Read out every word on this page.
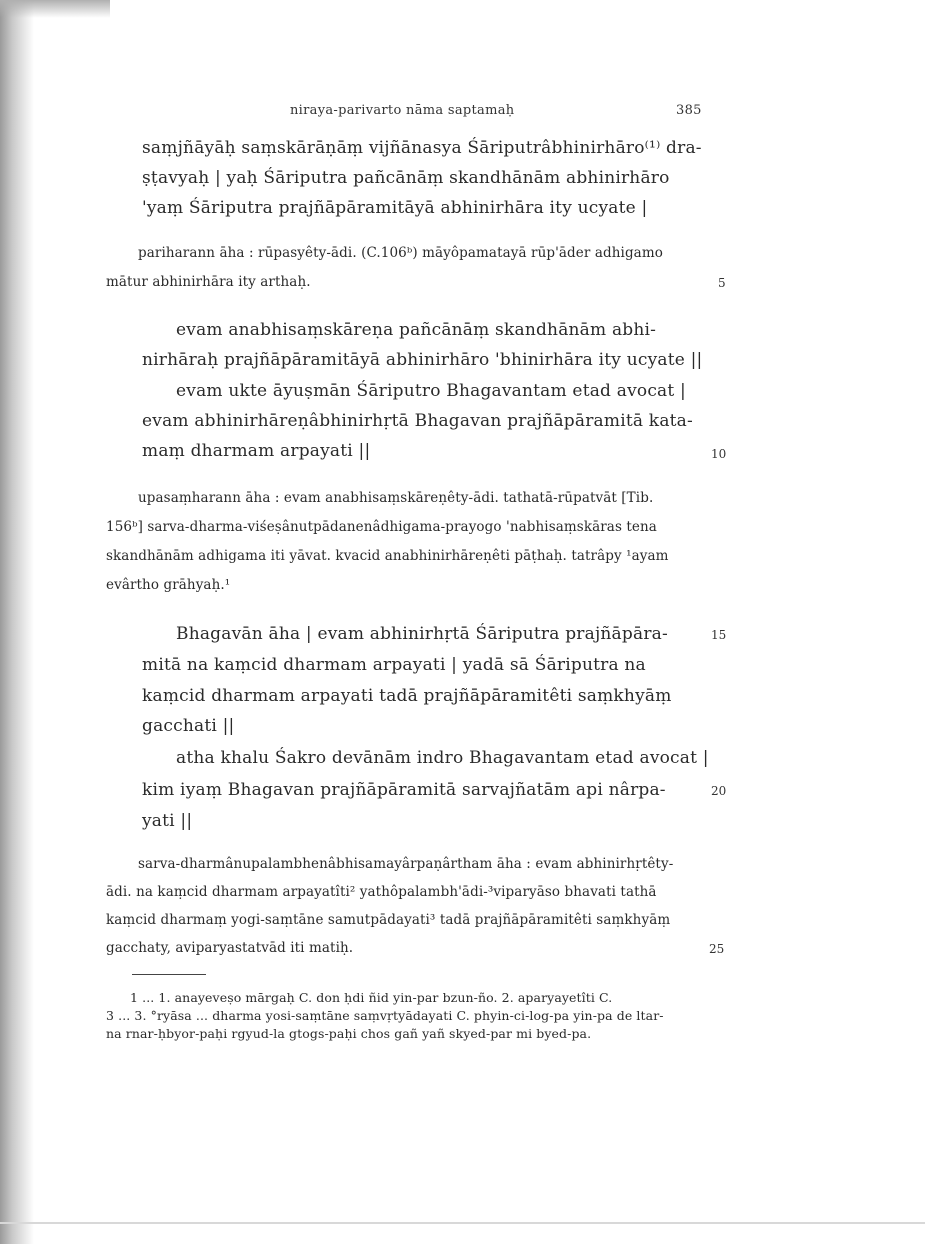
niraya-parivarto nāma saptamaḥ	385
saṃjñāyāḥ saṃskārāṇāṃ vijñānasya Śāriputrâbhinirhāro⁽¹⁾ dra-
ṣṭavyaḥ | yaḥ Śāriputra pañcānāṃ skandhānām abhinirhāro
'yaṃ Śāriputra prajñāpāramitāyā abhinirhāra ity ucyate |
pariharann āha : rūpasyêty-ādi. (C.106ᵇ) māyôpamatayā rūp'āder adhigamo
mātur abhinirhāra ity arthaḥ.	5
evam anabhisaṃskāreṇa pañcānāṃ skandhānām abhi-
nirhāraḥ prajñāpāramitāyā abhinirhāro 'bhinirhāra ity ucyate ||
evam ukte āyuṣmān Śāriputro Bhagavantam etad avocat |
evam abhinirhāreṇâbhinirhṛtā Bhagavan prajñāpāramitā kata-
maṃ dharmam arpayati ||	10
upasaṃharann āha : evam anabhisaṃskāreṇêty-ādi. tathatā-rūpatvāt [Tib.
156ᵇ] sarva-dharma-viśeṣânutpādanenâdhigama-prayogo 'nabhisaṃskāras tena
skandhānām adhigama iti yāvat. kvacid anabhinirhāreṇêti pāṭhaḥ. tatrâpy ¹ayam
evârtho grāhyaḥ.¹
Bhagavān āha | evam abhinirhṛtā Śāriputra prajñāpāra-	15
mitā na kaṃcid dharmam arpayati | yadā sā Śāriputra na
kaṃcid dharmam arpayati tadā prajñāpāramitêti saṃkhyāṃ
gacchati ||
atha khalu Śakro devānām indro Bhagavantam etad avocat |
kim iyaṃ Bhagavan prajñāpāramitā sarvajñatām api nârpa-	20
yati ||
sarva-dharmânupalambhenâbhisamayârpaṇârtham āha : evam abhinirhṛtêty-
ādi. na kaṃcid dharmam arpayatîti² yathôpalambh'ādi-³viparyāso bhavati tathā
kaṃcid dharmaṃ yogi-saṃtāne samutpādayati³ tadā prajñāpāramitêti saṃkhyāṃ
gacchaty, aviparyastatvād iti matiḥ.	25
1 ... 1. anayeveṣo mārgaḥ C. don ḥdi ñid yin-par bzun-ño. 2. aparyayetîti C.
3 ... 3. °ryāsa ... dharma yosi-saṃtāne saṃvṛtyādayati C. phyin-ci-log-pa yin-pa de ltar-
na rnar-ḥbyor-paḥi rgyud-la gtogs-paḥi chos gañ yañ skyed-par mi byed-pa.
